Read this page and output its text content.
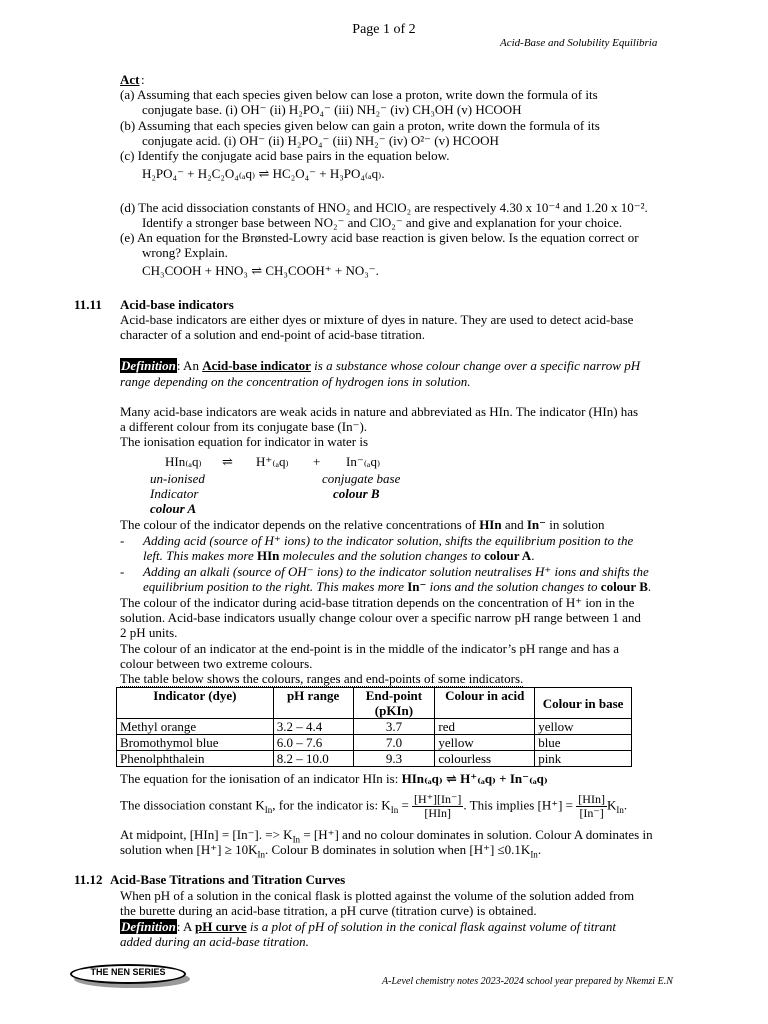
Page 1 of 2
Acid-Base and Solubility Equilibria
Act :
(a) Assuming that each species given below can lose a proton, write down the formula of its
conjugate base. (i) OH⁻ (ii) H₂PO₄⁻ (iii) NH₂⁻ (iv) CH₃OH (v) HCOOH
(b) Assuming that each species given below can gain a proton, write down the formula of its
conjugate acid. (i) OH⁻ (ii) H₂PO₄⁻ (iii) NH₂⁻ (iv) O²⁻ (v) HCOOH
(c) Identify the conjugate acid base pairs in the equation below.
H₂PO₄⁻ + H₂C₂O₄₍ₐq₎ ⇌ HC₂O₄⁻ + H₃PO₄₍ₐq₎.
(d) The acid dissociation constants of HNO₂ and HClO₂ are respectively 4.30 x 10⁻⁴ and 1.20 x 10⁻².
Identify a stronger base between NO₂⁻ and ClO₂⁻ and give and explanation for your choice.
(e) An equation for the Brønsted-Lowry acid base reaction is given below. Is the equation correct or
wrong? Explain.
CH₃COOH + HNO₃ ⇌ CH₃COOH⁺ + NO₃⁻.
11.11 Acid-base indicators
Acid-base indicators are either dyes or mixture of dyes in nature. They are used to detect acid-base
character of a solution and end-point of acid-base titration.
Definition: An Acid-base indicator is a substance whose colour change over a specific narrow pH
range depending on the concentration of hydrogen ions in solution.
Many acid-base indicators are weak acids in nature and abbreviated as HIn. The indicator (HIn) has
a different colour from its conjugate base (In⁻).
The ionisation equation for indicator in water is
HIn₍ₐq₎ ⇌ H⁺₍ₐq₎ + In⁻₍ₐq₎
un-ionised
Indicator
colour A
conjugate base
colour B
The colour of the indicator depends on the relative concentrations of HIn and In⁻ in solution
- Adding acid (source of H⁺ ions) to the indicator solution, shifts the equilibrium position to the
left. This makes more HIn molecules and the solution changes to colour A.
- Adding an alkali (source of OH⁻ ions) to the indicator solution neutralises H⁺ ions and shifts the
equilibrium position to the right. This makes more In⁻ ions and the solution changes to colour B.
The colour of the indicator during acid-base titration depends on the concentration of H⁺ ion in the
solution. Acid-base indicators usually change colour over a specific narrow pH range between 1 and
2 pH units.
The colour of an indicator at the end-point is in the middle of the indicator’s pH range and has a
colour between two extreme colours.
The table below shows the colours, ranges and end-points of some indicators.
Indicator (dye)	pH range	End-point (pKIn)	Colour in acid	Colour in base
Methyl orange	3.2 – 4.4	3.7	red	yellow
Bromothymol blue	6.0 – 7.6	7.0	yellow	blue
Phenolphthalein	8.2 – 10.0	9.3	colourless	pink
The equation for the ionisation of an indicator HIn is: HIn₍ₐq₎ ⇌ H⁺₍ₐq₎ + In⁻₍ₐq₎
The dissociation constant $K_{In}$, for the indicator is: $K_{In} = \frac{[H^+][In^-]}{\text{[HIn]}}$ . This implies $[H^+] = \frac{\text{[HIn]}}{[In^-]} K_{In}$.
At midpoint, [HIn] = [In⁻]. => $K_{In} = [H^+]$ and no colour dominates in solution. Colour A dominates in
solution when $[H^+] \ge 10K_{In}$. Colour B dominates in solution when $[H^+] \le 0.1K_{In}$.
11.12 Acid-Base Titrations and Titration Curves
When pH of a solution in the conical flask is plotted against the volume of the solution added from
the burette during an acid-base titration, a pH curve (titration curve) is obtained.
Definition: A pH curve is a plot of pH of solution in the conical flask against volume of titrant
added during an acid-base titration.
THE NEN SERIES
A-Level chemistry notes 2023-2024 school year prepared by Nkemzi E.N
